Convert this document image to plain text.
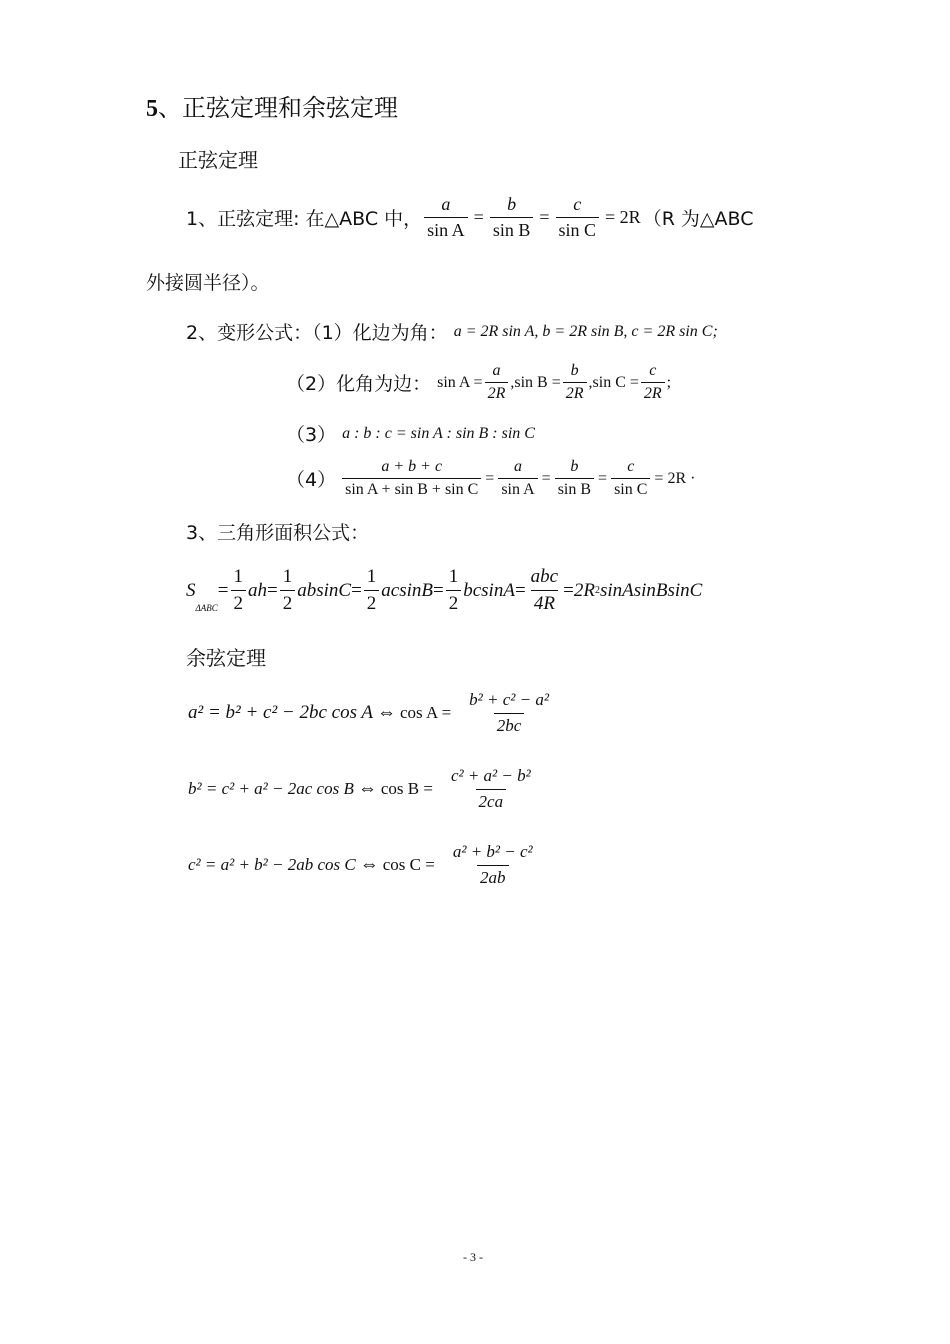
5、正弦定理和余弦定理
正弦定理
1、正弦定理: 在△ABC 中， $\frac{a}{\text{sin A}} = \frac{b}{\text{sin B}} = \frac{c}{\text{sin C}} = 2R$ （R 为△ABC
外接圆半径）。
2、变形公式：（1）化边为角： a = 2R sin A, b = 2R sin B, c = 2R sin C;
（2）化角为边： $\sin A = \frac{a}{2R} ,\sin$ $B = \frac{b}{2R} ,\sin$ $C = \frac{c}{2R}$ ;
（3） a : b : c = sin A : sin B : sin C
$(4) \frac{a + b + c}{\text{sin A + sin B + sin C}} = \frac{a}{\text{sin A}} = \frac{b}{\text{sin B}} = \frac{c}{\text{sin C}} = 2R$ ·
3、三角形面积公式：
S
ΔABC
= $\frac{1}{2}$ ah = $\frac{1}{2}$ $absinC = \frac{1}{2}$ $acsinB = \frac{1}{2}$ $bcsinA = \frac{\text{abc}}{4R} = 2R$ 2 sinAsinBsinC
余弦定理
a² = b² + c² − 2bc cos A ⇔ $\cos A = \frac{\text{b² + c² − a²}}{2bc}$
b² = c² + a² − 2ac cos B ⇔ $\cos B = \frac{\text{c² + a² − b²}}{2ca}$
c² = a² + b² − 2ab cos C ⇔ $\cos C = \frac{\text{a² + b² − c²}}{2ab}$
- 3 -
